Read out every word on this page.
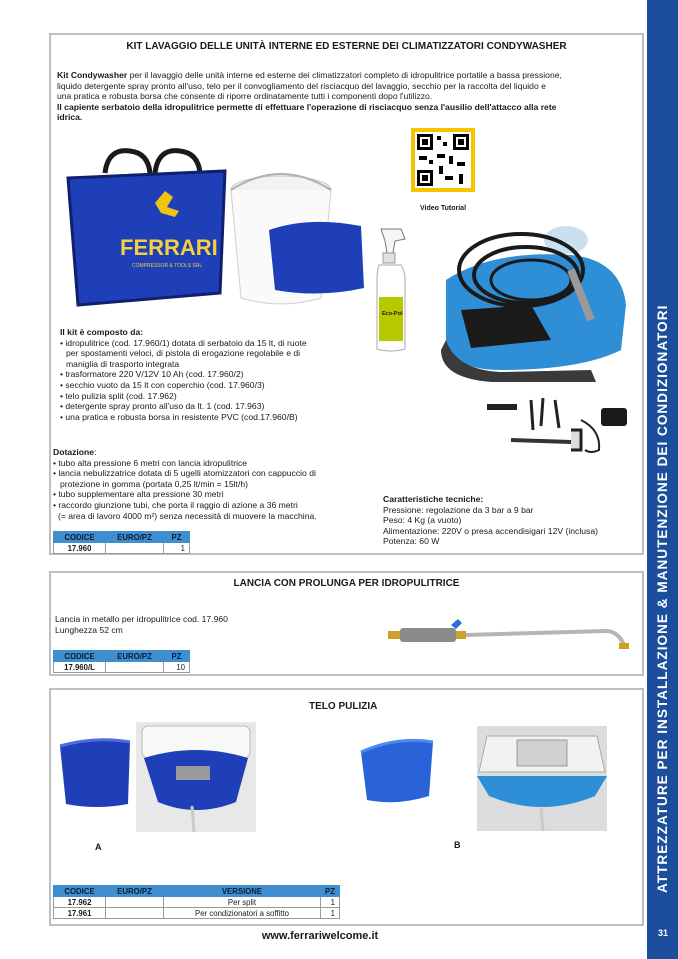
ATTREZZATURE PER INSTALLAZIONE & MANUTENZIONE DEI CONDIZIONATORI
31
KIT LAVAGGIO DELLE UNITÀ INTERNE ED ESTERNE DEI CLIMATIZZATORI CONDYWASHER
Kit Condywasher per il lavaggio delle unità interne ed esterne dei climatizzatori completo di idropulitrice portatile a bassa pressione,
liquido detergente spray pronto all'uso, telo per il convogliamento del risciacquo del lavaggio, secchio per la raccolta del liquido e
una pratica e robusta borsa che consente di riporre ordinatamente tutti i componenti dopo l'utilizzo.
Il capiente serbatoio della idropulitrice permette di effettuare l'operazione di risciacquo senza l'ausilio dell'attacco alla rete
idrica.
FERRARI
COMPRESSOR & TOOLS SRL
Video Tutorial
Eco-Pol
Il kit è composto da:
• idropulitrice (cod. 17.960/1) dotata di serbatoio da 15 lt, di ruote
per spostamenti veloci, di pistola di erogazione regolabile e di
maniglia di trasporto integrata
• trasformatore 220 V/12V 10 Ah (cod. 17.960/2)
• secchio vuoto da 15 lt con coperchio (cod. 17.960/3)
• telo pulizia split (cod. 17.962)
• detergente spray pronto all'uso da lt. 1 (cod. 17.963)
• una pratica e robusta borsa in resistente PVC (cod.17.960/B)
Dotazione:
• tubo alta pressione 6 metri con lancia idropulitrice
• lancia nebulizzatrice dotata di 5 ugelli atomizzatori con cappuccio di
protezione in gomma (portata 0,25 lt/min = 15lt/h)
• tubo supplementare alta pressione 30 metri
• raccordo giunzione tubi, che porta il raggio di azione a 36 metri
(= area di lavoro 4000 m²) senza necessità di muovere la macchina.
Caratteristiche tecniche:
Pressione: regolazione da 3 bar a 9 bar
Peso: 4 Kg (a vuoto)
Alimentazione: 220V o presa accendisigari 12V (inclusa)
Potenza: 60 W
CODICE	EURO/PZ	PZ
17.960		1
LANCIA CON PROLUNGA PER IDROPULITRICE
Lancia in metallo per idropulitrice cod. 17.960
Lunghezza 52 cm
CODICE	EURO/PZ	PZ
17.960/L		10
TELO PULIZIA
A	B
CODICE	EURO/PZ	VERSIONE	PZ
17.962		Per split	1
17.961		Per condizionatori a soffitto	1
www.ferrariwelcome.it
